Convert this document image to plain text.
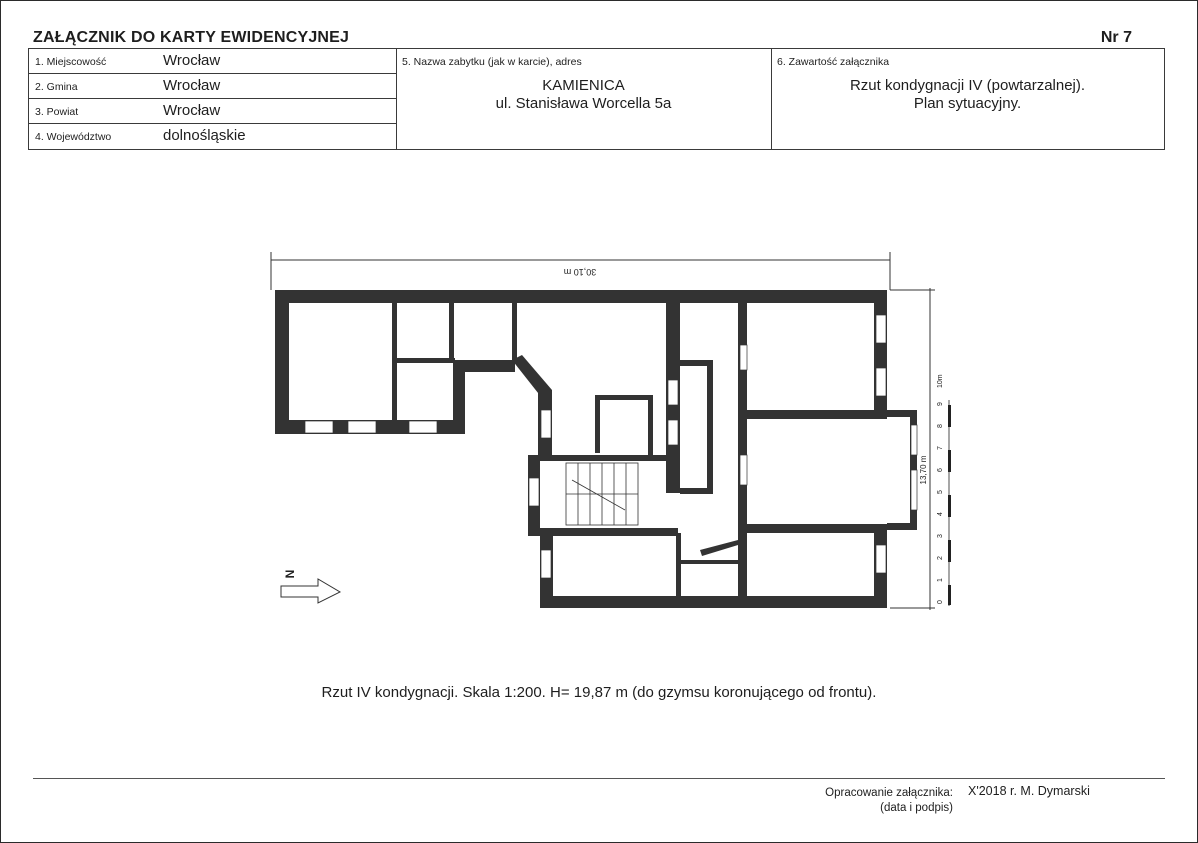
ZAŁĄCZNIK DO KARTY EWIDENCYJNEJ	Nr 7
1. Miejscowość	Wrocław
2. Gmina	Wrocław
3. Powiat	Wrocław
4. Województwo	dolnośląskie
5. Nazwa zabytku (jak w karcie), adres
KAMIENICA
ul. Stanisława Worcella 5a
6. Zawartość załącznika
Rzut kondygnacji IV (powtarzalnej).
Plan sytuacyjny.
30,10 m
13,70 m
0
1
2
3
4
5
6
7
8
9
10m
N
Rzut IV kondygnacji. Skala 1:200. H= 19,87 m (do gzymsu koronującego od frontu).
Opracowanie załącznika:
(data i podpis)
X'2018 r. M. Dymarski
